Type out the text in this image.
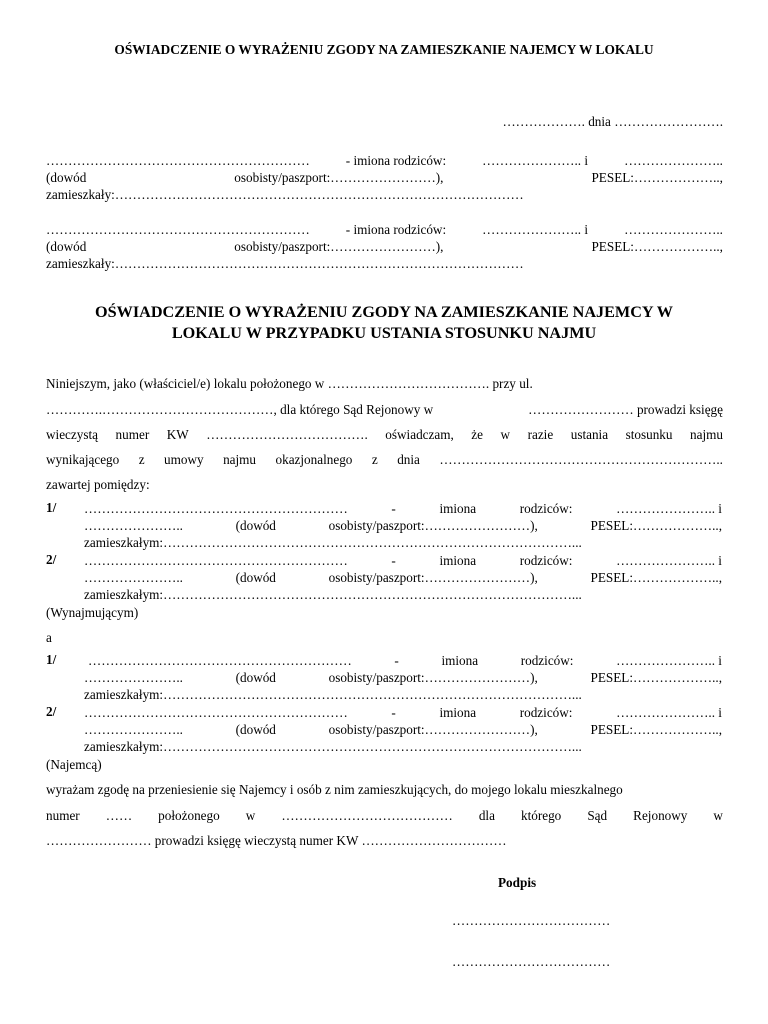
OŚWIADCZENIE O WYRAŻENIU ZGODY NA ZAMIESZKANIE NAJEMCY W LOKALU
………………. dnia …………………….
……………………………………………………	- imiona rodziców:	………………….. i	…………………..
(dowód	osobisty/paszport:……………………),	PESEL:………………..,
zamieszkały:…………………………………………………………………………………
……………………………………………………	- imiona rodziców:	………………….. i	…………………..
(dowód	osobisty/paszport:……………………),	PESEL:………………..,
zamieszkały:…………………………………………………………………………………
OŚWIADCZENIE O WYRAŻENIU ZGODY NA ZAMIESZKANIE NAJEMCY W
LOKALU W PRZYPADKU USTANIA STOSUNKU NAJMU
Niniejszym, jako (właściciel/e) lokalu położonego w ………………………………. przy ul.
………….…………………………………, dla którego Sąd Rejonowy w	…………………… prowadzi księgę
wieczystą numer KW ………………………………. oświadczam, że w razie ustania stosunku najmu
wynikającego z umowy najmu okazjonalnego z dnia ………………………………………………………..
zawartej pomiędzy:
1/ ……………………………………………………	-	imiona	rodziców:	………………….. i
…………………..	(dowód	osobisty/paszport:……………………),	PESEL:………………..,
zamieszkałym:…………………………………………………………………………………...
2/ ……………………………………………………	-	imiona	rodziców:	………………….. i
…………………..	(dowód	osobisty/paszport:……………………),	PESEL:………………..,
zamieszkałym:…………………………………………………………………………………...
(Wynajmującym)
a
1/ ……………………………………………………	-	imiona	rodziców:	………………….. i
…………………..	(dowód	osobisty/paszport:……………………),	PESEL:………………..,
zamieszkałym:…………………………………………………………………………………...
2/ ……………………………………………………	-	imiona	rodziców:	………………….. i
…………………..	(dowód	osobisty/paszport:……………………),	PESEL:………………..,
zamieszkałym:…………………………………………………………………………………...
(Najemcą)
wyrażam zgodę na przeniesienie się Najemcy i osób z nim zamieszkujących, do mojego lokalu mieszkalnego
numer …… położonego w ………………………………… dla którego Sąd Rejonowy w
…………………… prowadzi księgę wieczystą numer KW ……………………………
Podpis
………………………………
………………………………
